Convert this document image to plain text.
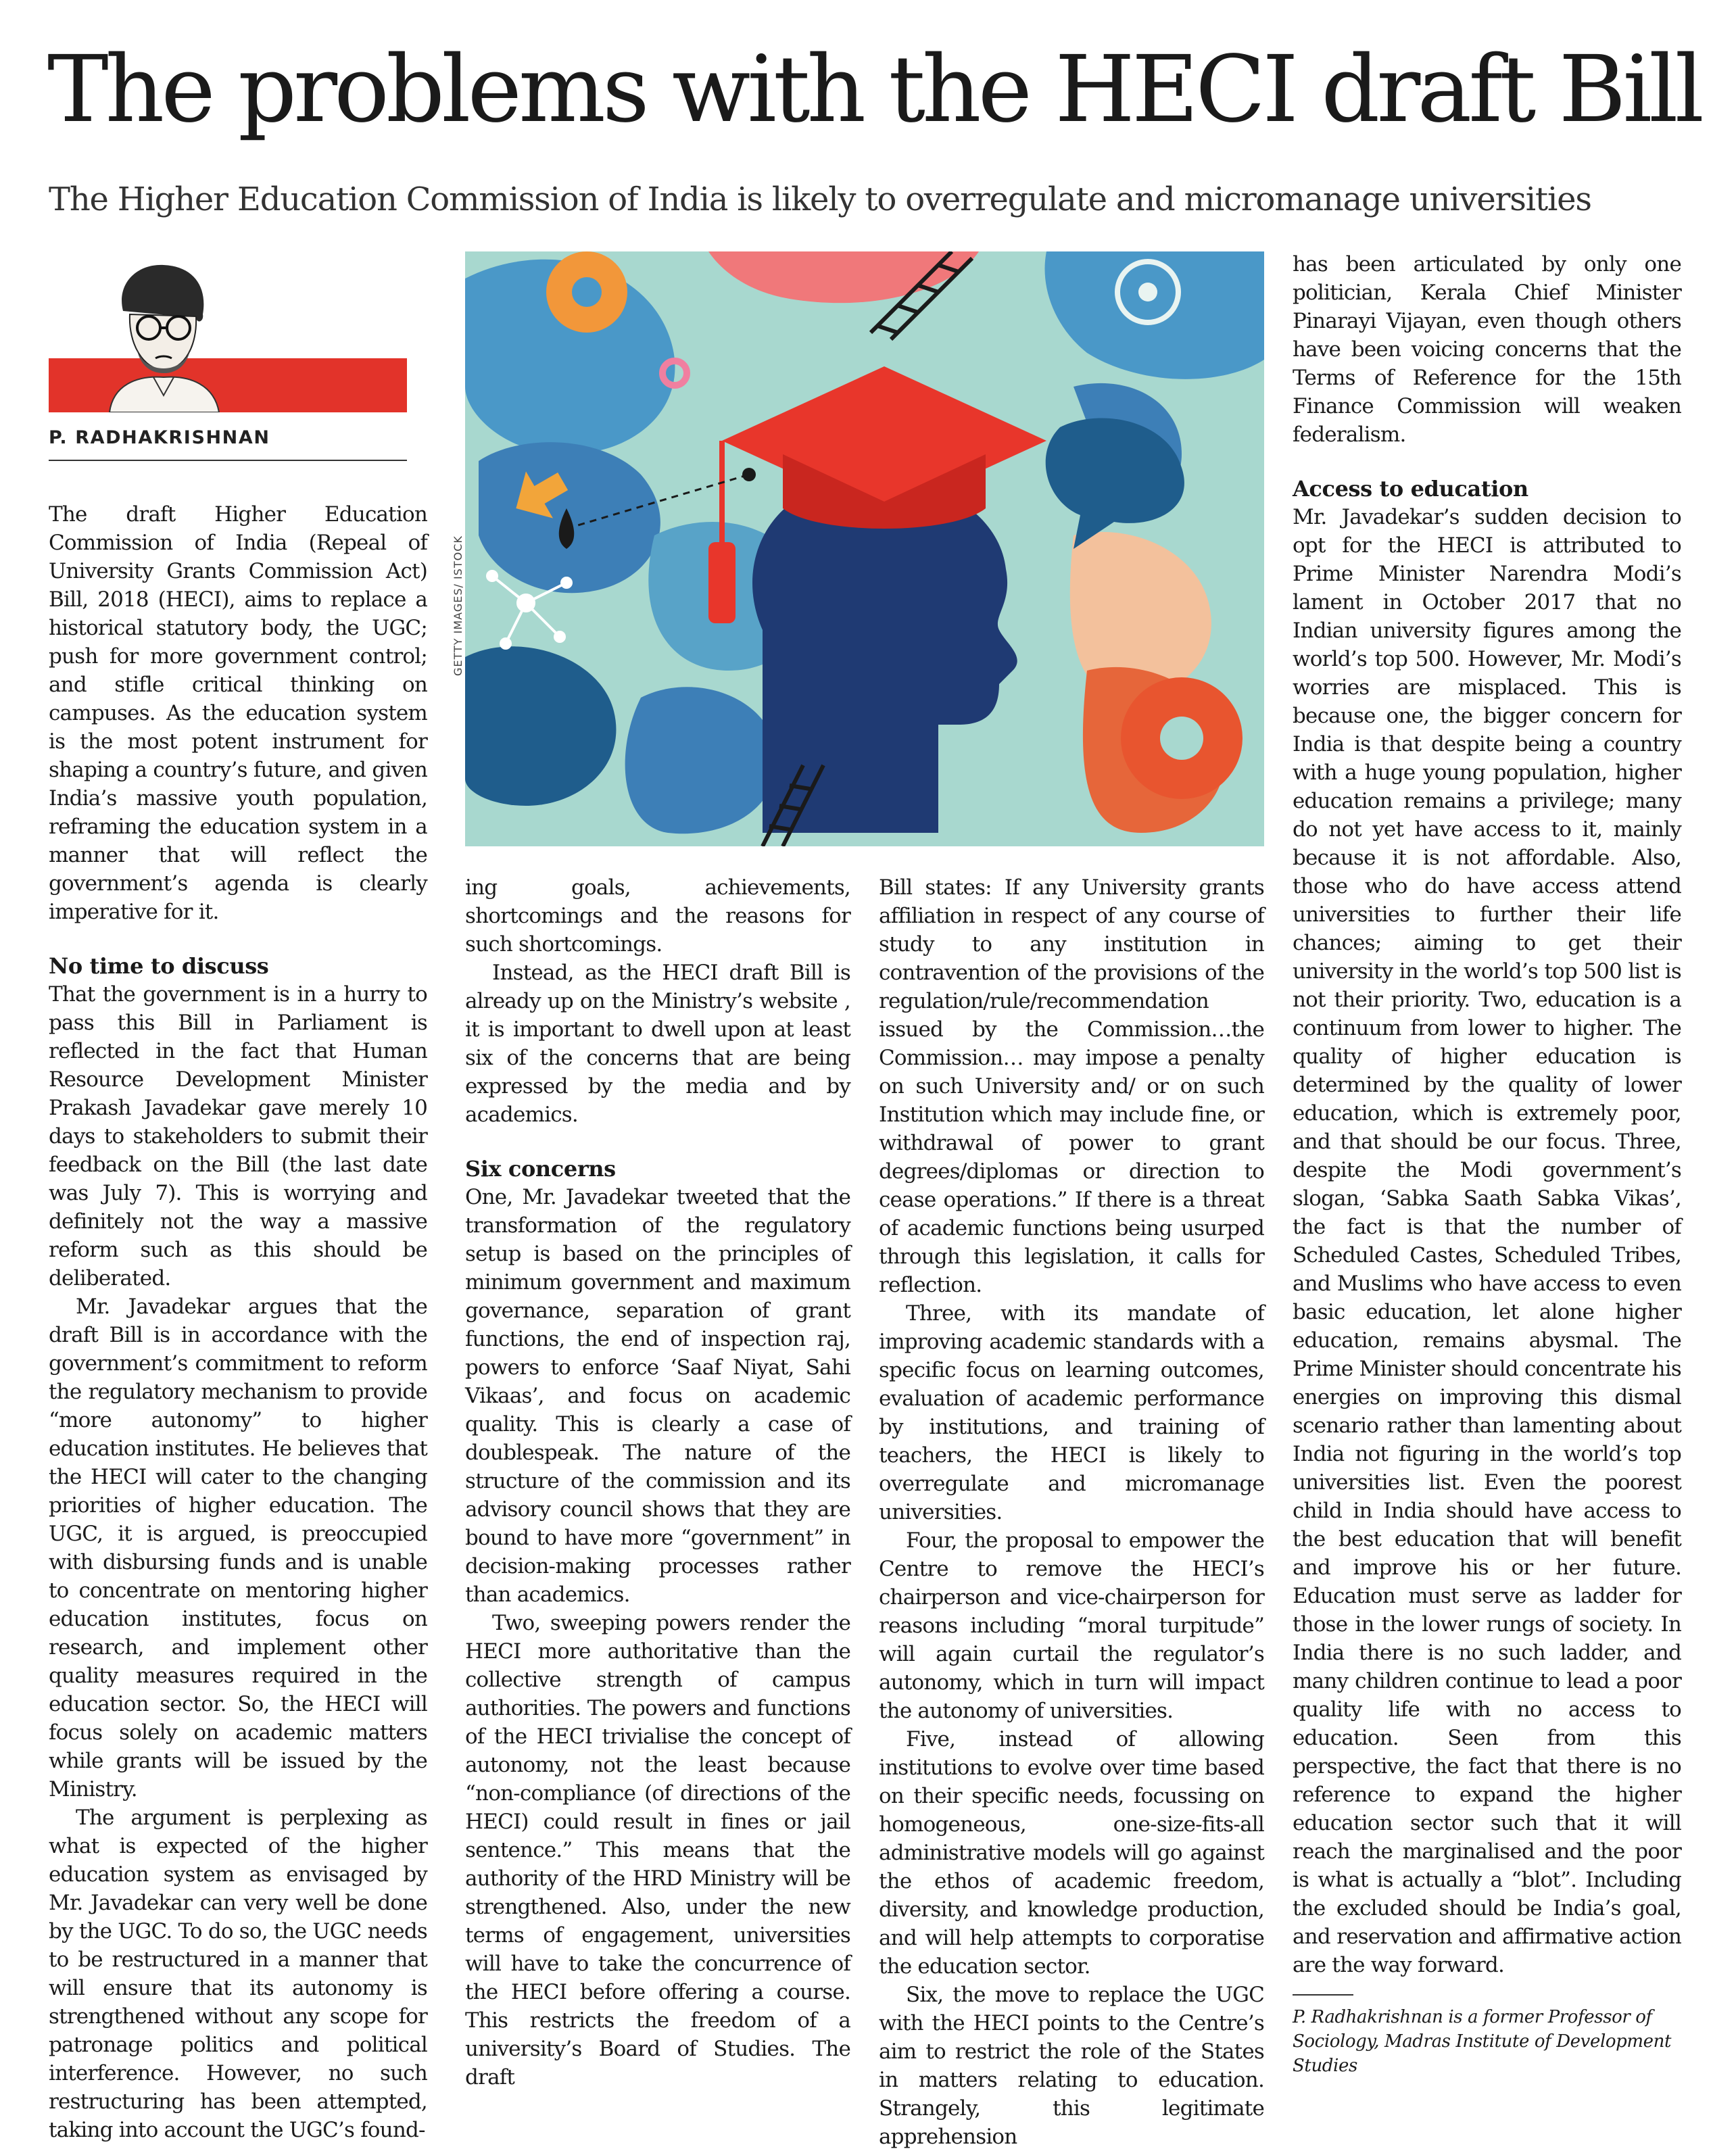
The problems with the HECI draft Bill

The Higher Education Commission of India is likely to overregulate and micromanage universities

P. RADHAKRISHNAN

The draft Higher Education Commission of India (Repeal of University Grants Commission Act) Bill, 2018 (HECI), aims to replace a historical statutory body, the UGC; push for more government control; and stifle critical thinking on campuses. As the education system is the most potent instrument for shaping a country’s future, and given India’s massive youth population, reframing the education system in a manner that will reflect the government’s agenda is clearly imperative for it.

No time to discuss

That the government is in a hurry to pass this Bill in Parliament is reflected in the fact that Human Resource Development Minister Prakash Javadekar gave merely 10 days to stakeholders to submit their feedback on the Bill (the last date was July 7). This is worrying and definitely not the way a massive reform such as this should be deliberated.

Mr. Javadekar argues that the draft Bill is in accordance with the government’s commitment to reform the regulatory mechanism to provide “more autonomy” to higher education institutes. He believes that the HECI will cater to the changing priorities of higher education. The UGC, it is argued, is preoccupied with disbursing funds and is unable to concentrate on mentoring higher education institutes, focus on research, and implement other quality measures required in the education sector. So, the HECI will focus solely on academic matters while grants will be issued by the Ministry.

The argument is perplexing as what is expected of the higher education system as envisaged by Mr. Javadekar can very well be done by the UGC. To do so, the UGC needs to be restructured in a manner that will ensure that its autonomy is strengthened without any scope for patronage politics and political interference. However, no such restructuring has been attempted, taking into account the UGC’s found-

GETTY IMAGES/ ISTOCK

ing goals, achievements, shortcomings and the reasons for such shortcomings.

Instead, as the HECI draft Bill is already up on the Ministry’s website , it is important to dwell upon at least six of the concerns that are being expressed by the media and by academics.

Six concerns

One, Mr. Javadekar tweeted that the transformation of the regulatory setup is based on the principles of minimum government and maximum governance, separation of grant functions, the end of inspection raj, powers to enforce ‘Saaf Niyat, Sahi Vikaas’, and focus on academic quality. This is clearly a case of doublespeak. The nature of the structure of the commission and its advisory council shows that they are bound to have more “government” in decision-making processes rather than academics.

Two, sweeping powers render the HECI more authoritative than the collective strength of campus authorities. The powers and functions of the HECI trivialise the concept of autonomy, not the least because “non-compliance (of directions of the HECI) could result in fines or jail sentence.” This means that the authority of the HRD Ministry will be strengthened. Also, under the new terms of engagement, universities will have to take the concurrence of the HECI before offering a course. This restricts the freedom of a university’s Board of Studies. The draft

Bill states: If any University grants affiliation in respect of any course of study to any institution in contravention of the provisions of the regulation/rule/recommendation issued by the Commission…the Commission… may impose a penalty on such University and/ or on such Institution which may include fine, or withdrawal of power to grant degrees/diplomas or direction to cease operations.” If there is a threat of academic functions being usurped through this legislation, it calls for reflection.

Three, with its mandate of improving academic standards with a specific focus on learning outcomes, evaluation of academic performance by institutions, and training of teachers, the HECI is likely to overregulate and micromanage universities.

Four, the proposal to empower the Centre to remove the HECI’s chairperson and vice-chairperson for reasons including “moral turpitude” will again curtail the regulator’s autonomy, which in turn will impact the autonomy of universities.

Five, instead of allowing institutions to evolve over time based on their specific needs, focussing on homogeneous, one-size-fits-all administrative models will go against the ethos of academic freedom, diversity, and knowledge production, and will help attempts to corporatise the education sector.

Six, the move to replace the UGC with the HECI points to the Centre’s aim to restrict the role of the States in matters relating to education. Strangely, this legitimate apprehension

has been articulated by only one politician, Kerala Chief Minister Pinarayi Vijayan, even though others have been voicing concerns that the Terms of Reference for the 15th Finance Commission will weaken federalism.

Access to education

Mr. Javadekar’s sudden decision to opt for the HECI is attributed to Prime Minister Narendra Modi’s lament in October 2017 that no Indian university figures among the world’s top 500. However, Mr. Modi’s worries are misplaced. This is because one, the bigger concern for India is that despite being a country with a huge young population, higher education remains a privilege; many do not yet have access to it, mainly because it is not affordable. Also, those who do have access attend universities to further their life chances; aiming to get their university in the world’s top 500 list is not their priority. Two, education is a continuum from lower to higher. The quality of higher education is determined by the quality of lower education, which is extremely poor, and that should be our focus. Three, despite the Modi government’s slogan, ‘Sabka Saath Sabka Vikas’, the fact is that the number of Scheduled Castes, Scheduled Tribes, and Muslims who have access to even basic education, let alone higher education, remains abysmal. The Prime Minister should concentrate his energies on improving this dismal scenario rather than lamenting about India not figuring in the world’s top universities list. Even the poorest child in India should have access to the best education that will benefit and improve his or her future. Education must serve as ladder for those in the lower rungs of society. In India there is no such ladder, and many children continue to lead a poor quality life with no access to education. Seen from this perspective, the fact that there is no reference to expand the higher education sector such that it will reach the marginalised and the poor is what is actually a “blot”. Including the excluded should be India’s goal, and reservation and affirmative action are the way forward.

P. Radhakrishnan is a former Professor of Sociology, Madras Institute of Development Studies
